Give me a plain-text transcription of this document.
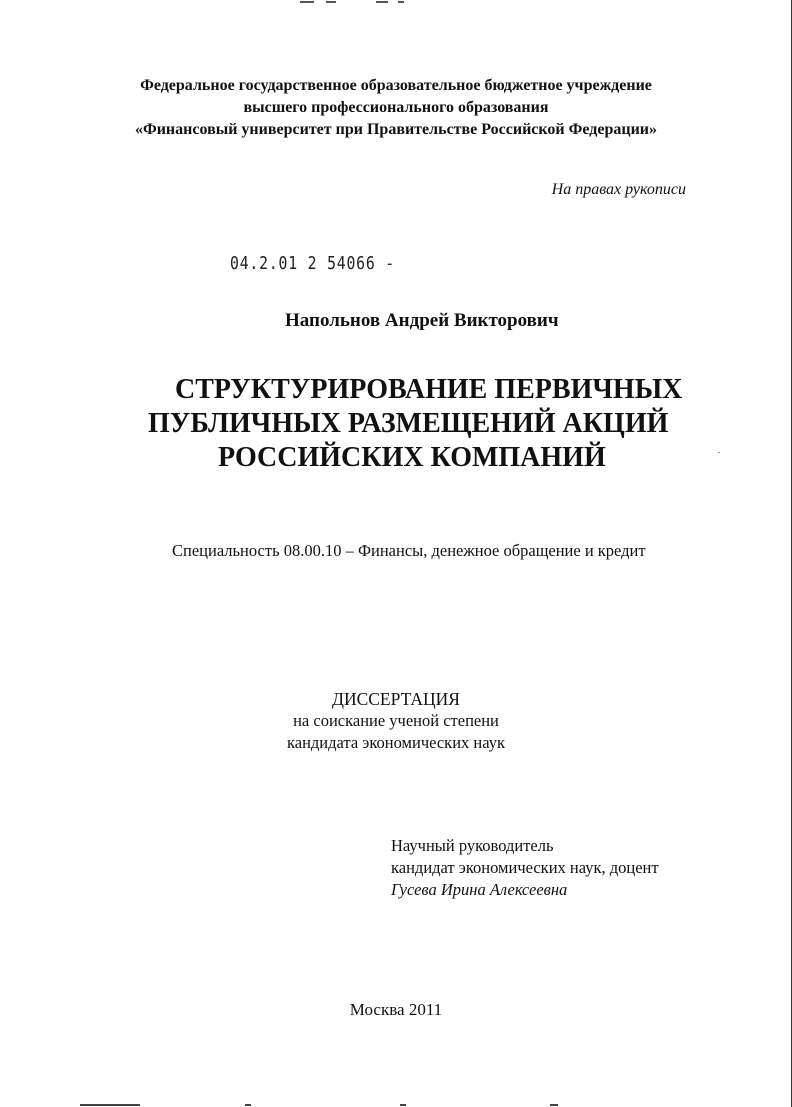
Федеральное государственное образовательное бюджетное учреждение
высшего профессионального образования
«Финансовый университет при Правительстве Российской Федерации»
На правах рукописи
04.2.01 2 54066 -
Напольнов Андрей Викторович
СТРУКТУРИРОВАНИЕ ПЕРВИЧНЫХ
ПУБЛИЧНЫХ РАЗМЕЩЕНИЙ АКЦИЙ
РОССИЙСКИХ КОМПАНИЙ
Специальность 08.00.10 – Финансы, денежное обращение и кредит
ДИССЕРТАЦИЯ
на соискание ученой степени
кандидата экономических наук
Научный руководитель
кандидат экономических наук, доцент
Гусева Ирина Алексеевна
Москва 2011
